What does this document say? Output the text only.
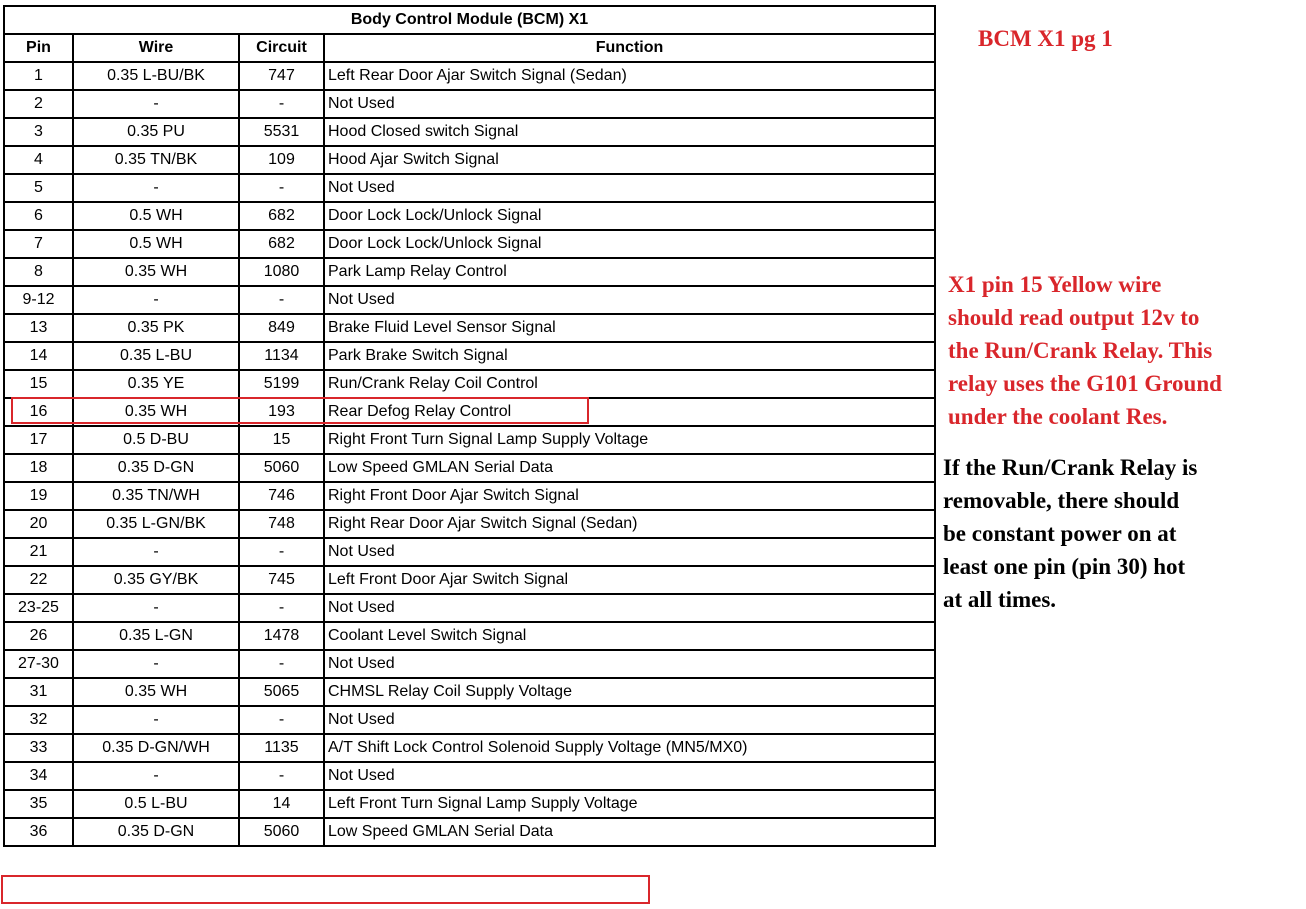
Body Control Module (BCM) X1			
Pin	Wire	Circuit	Function
1	0.35 L-BU/BK	747	Left Rear Door Ajar Switch Signal (Sedan)
2	-	-	Not Used
3	0.35 PU	5531	Hood Closed switch Signal
4	0.35 TN/BK	109	Hood Ajar Switch Signal
5	-	-	Not Used
6	0.5 WH	682	Door Lock Lock/Unlock Signal
7	0.5 WH	682	Door Lock Lock/Unlock Signal
8	0.35 WH	1080	Park Lamp Relay Control
9-12	-	-	Not Used
13	0.35 PK	849	Brake Fluid Level Sensor Signal
14	0.35 L-BU	1134	Park Brake Switch Signal
15	0.35 YE	5199	Run/Crank Relay Coil Control
16	0.35 WH	193	Rear Defog Relay Control
17	0.5 D-BU	15	Right Front Turn Signal Lamp Supply Voltage
18	0.35 D-GN	5060	Low Speed GMLAN Serial Data
19	0.35 TN/WH	746	Right Front Door Ajar Switch Signal
20	0.35 L-GN/BK	748	Right Rear Door Ajar Switch Signal (Sedan)
21	-	-	Not Used
22	0.35 GY/BK	745	Left Front Door Ajar Switch Signal
23-25	-	-	Not Used
26	0.35 L-GN	1478	Coolant Level Switch Signal
27-30	-	-	Not Used
31	0.35 WH	5065	CHMSL Relay Coil Supply Voltage
32	-	-	Not Used
33	0.35 D-GN/WH	1135	A/T Shift Lock Control Solenoid Supply Voltage (MN5/MX0)
34	-	-	Not Used
35	0.5 L-BU	14	Left Front Turn Signal Lamp Supply Voltage
36	0.35 D-GN	5060	Low Speed GMLAN Serial Data
BCM X1 pg 1
X1 pin 15 Yellow wire
should read output 12v to
the Run/Crank Relay. This
relay uses the G101 Ground
under the coolant Res.
If the Run/Crank Relay is
removable, there should
be constant power on at
least one pin (pin 30) hot
at all times.
